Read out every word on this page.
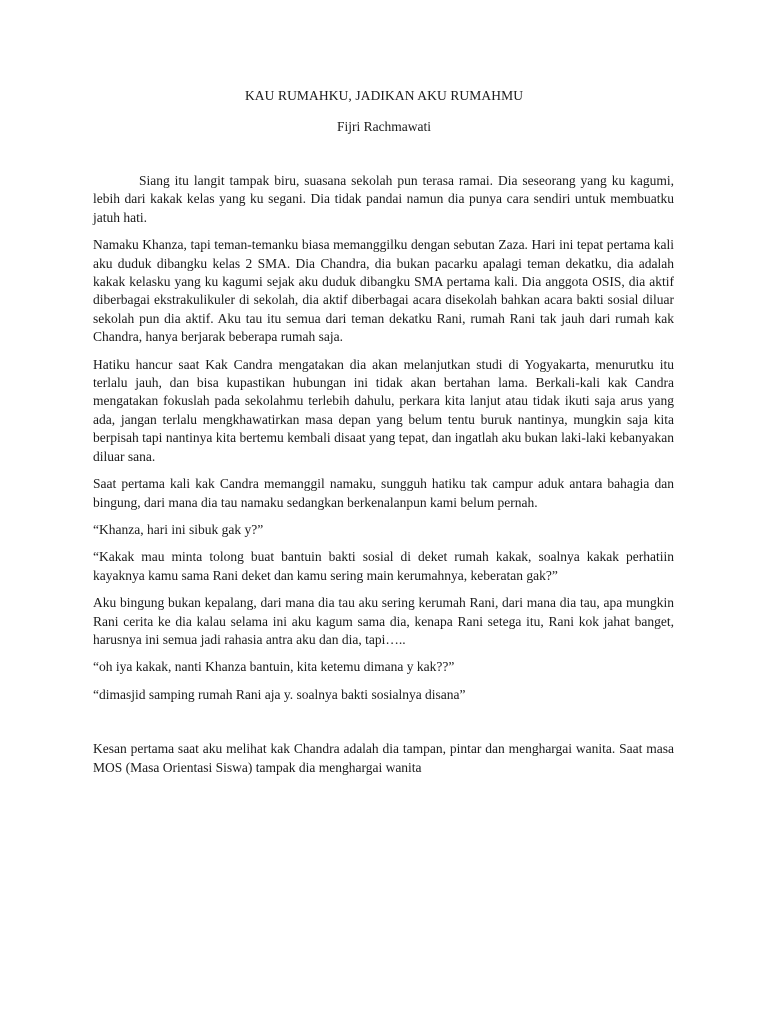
KAU RUMAHKU, JADIKAN AKU RUMAHMU
Fijri Rachmawati

Siang itu langit tampak biru, suasana sekolah pun terasa ramai. Dia seseorang yang ku kagumi, lebih dari kakak kelas yang ku segani. Dia tidak pandai namun dia punya cara sendiri untuk membuatku jatuh hati.

Namaku Khanza, tapi teman-temanku biasa memanggilku dengan sebutan Zaza. Hari ini tepat pertama kali aku duduk dibangku kelas 2 SMA. Dia Chandra, dia bukan pacarku apalagi teman dekatku, dia adalah kakak kelasku yang ku kagumi sejak aku duduk dibangku SMA pertama kali. Dia anggota OSIS, dia aktif diberbagai ekstrakulikuler di sekolah, dia aktif diberbagai acara disekolah bahkan acara bakti sosial diluar sekolah pun dia aktif. Aku tau itu semua dari teman dekatku Rani, rumah Rani tak jauh dari rumah kak Chandra, hanya berjarak beberapa rumah saja.

Hatiku hancur saat Kak Candra mengatakan dia akan melanjutkan studi di Yogyakarta, menurutku itu terlalu jauh, dan bisa kupastikan hubungan ini tidak akan bertahan lama. Berkali-kali kak Candra mengatakan fokuslah pada sekolahmu terlebih dahulu, perkara kita lanjut atau tidak ikuti saja arus yang ada, jangan terlalu mengkhawatirkan masa depan yang belum tentu buruk nantinya, mungkin saja kita berpisah tapi nantinya kita bertemu kembali disaat yang tepat, dan ingatlah aku bukan laki-laki kebanyakan diluar sana.

Saat pertama kali kak Candra memanggil namaku, sungguh hatiku tak campur aduk antara bahagia dan bingung, dari mana dia tau namaku sedangkan berkenalanpun kami belum pernah.

“Khanza, hari ini sibuk gak y?”

“Kakak mau minta tolong buat bantuin bakti sosial di deket rumah kakak, soalnya kakak perhatiin kayaknya kamu sama Rani deket dan kamu sering main kerumahnya, keberatan gak?”

Aku bingung bukan kepalang, dari mana dia tau aku sering kerumah Rani, dari mana dia tau, apa mungkin Rani cerita ke dia kalau selama ini aku kagum sama dia, kenapa Rani setega itu, Rani kok jahat banget, harusnya ini semua jadi rahasia antra aku dan dia, tapi…..

“oh iya kakak, nanti Khanza bantuin, kita ketemu dimana y kak??”

“dimasjid samping rumah Rani aja y. soalnya bakti sosialnya disana”

Kesan pertama saat aku melihat kak Chandra adalah dia tampan, pintar dan menghargai wanita. Saat masa MOS (Masa Orientasi Siswa) tampak dia menghargai wanita
